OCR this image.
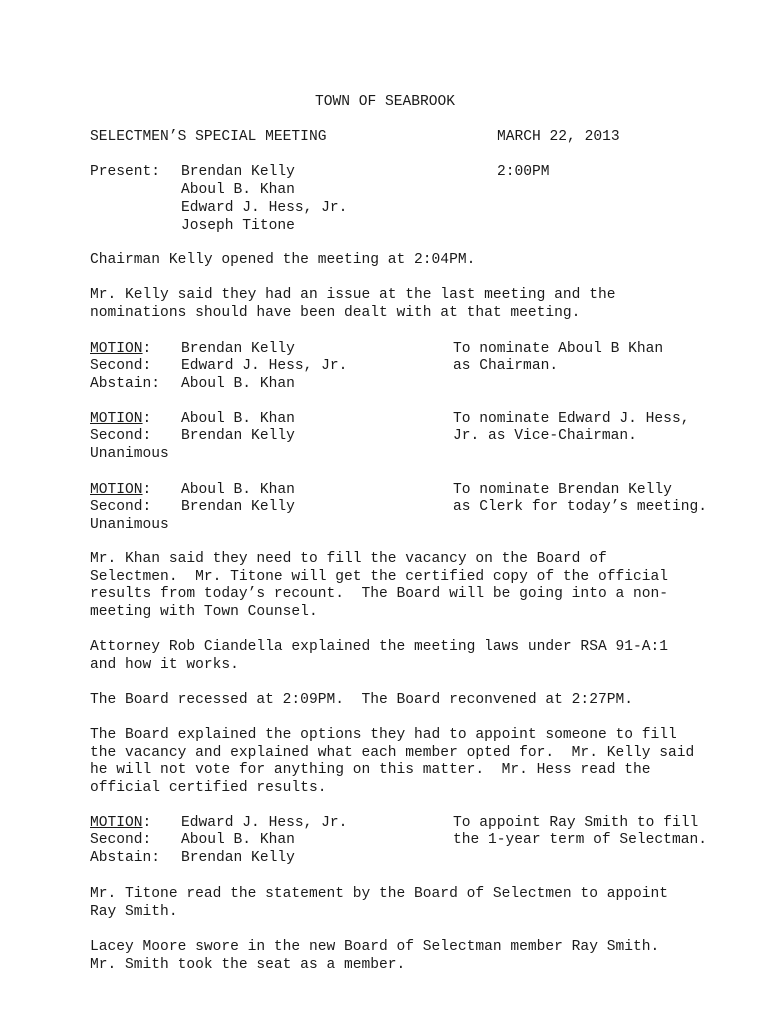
TOWN OF SEABROOK
SELECTMEN’S SPECIAL MEETING	MARCH 22, 2013
Present: Brendan Kelly
Aboul B. Khan
Edward J. Hess, Jr.
Joseph Titone
2:00PM
Chairman Kelly opened the meeting at 2:04PM.
Mr. Kelly said they had an issue at the last meeting and the
nominations should have been dealt with at that meeting.
MOTION: Brendan Kelly
Second: Edward J. Hess, Jr.
Abstain: Aboul B. Khan
To nominate Aboul B Khan
as Chairman.
MOTION: Aboul B. Khan
Second: Brendan Kelly
Unanimous
To nominate Edward J. Hess,
Jr. as Vice-Chairman.
MOTION: Aboul B. Khan
Second: Brendan Kelly
Unanimous
To nominate Brendan Kelly
as Clerk for today’s meeting.
Mr. Khan said they need to fill the vacancy on the Board of
Selectmen.  Mr. Titone will get the certified copy of the official
results from today’s recount.  The Board will be going into a non-
meeting with Town Counsel.
Attorney Rob Ciandella explained the meeting laws under RSA 91-A:1
and how it works.
The Board recessed at 2:09PM.  The Board reconvened at 2:27PM.
The Board explained the options they had to appoint someone to fill
the vacancy and explained what each member opted for.  Mr. Kelly said
he will not vote for anything on this matter.  Mr. Hess read the
official certified results.
MOTION: Edward J. Hess, Jr.
Second: Aboul B. Khan
Abstain: Brendan Kelly
To appoint Ray Smith to fill
the 1-year term of Selectman.
Mr. Titone read the statement by the Board of Selectmen to appoint
Ray Smith.
Lacey Moore swore in the new Board of Selectman member Ray Smith.
Mr. Smith took the seat as a member.
